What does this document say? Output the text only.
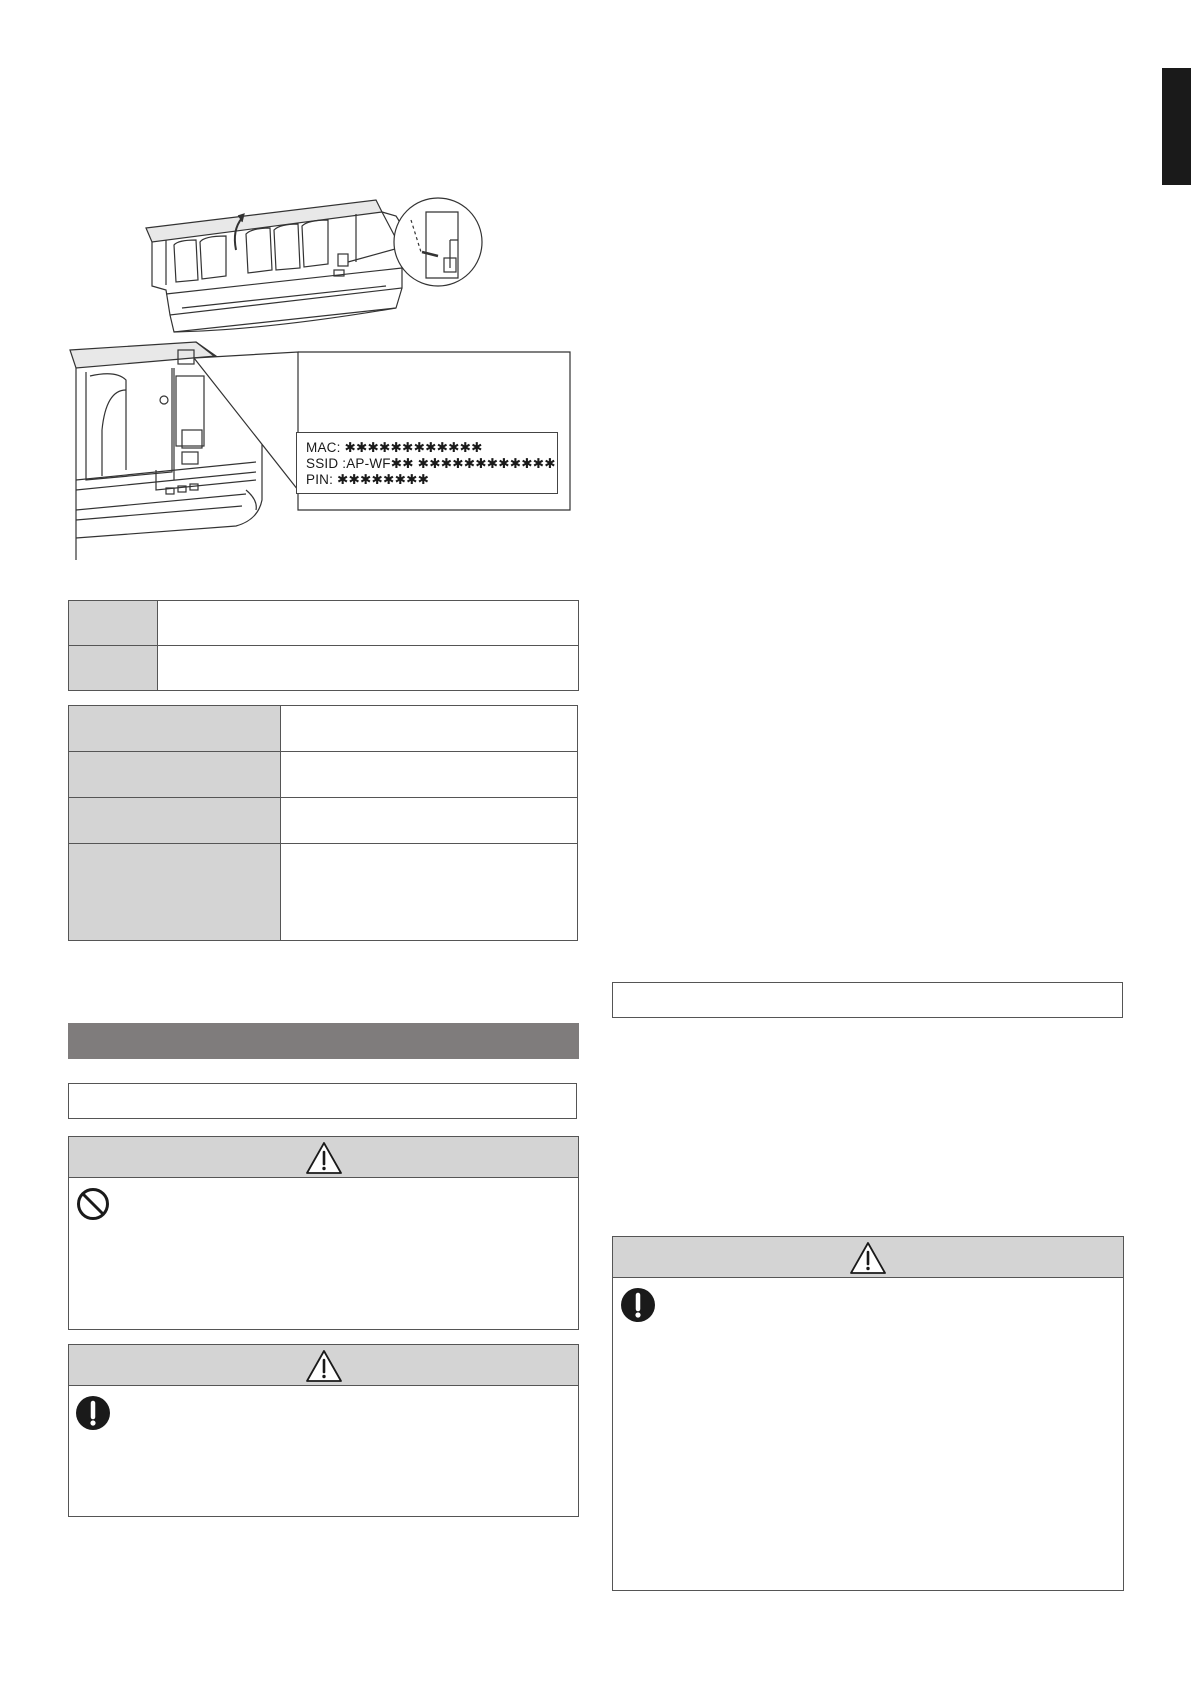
MAC: ✱✱✱✱✱✱✱✱✱✱✱✱
SSID :AP-WF✱✱ ✱✱✱✱✱✱✱✱✱✱✱✱
PIN: ✱✱✱✱✱✱✱✱
